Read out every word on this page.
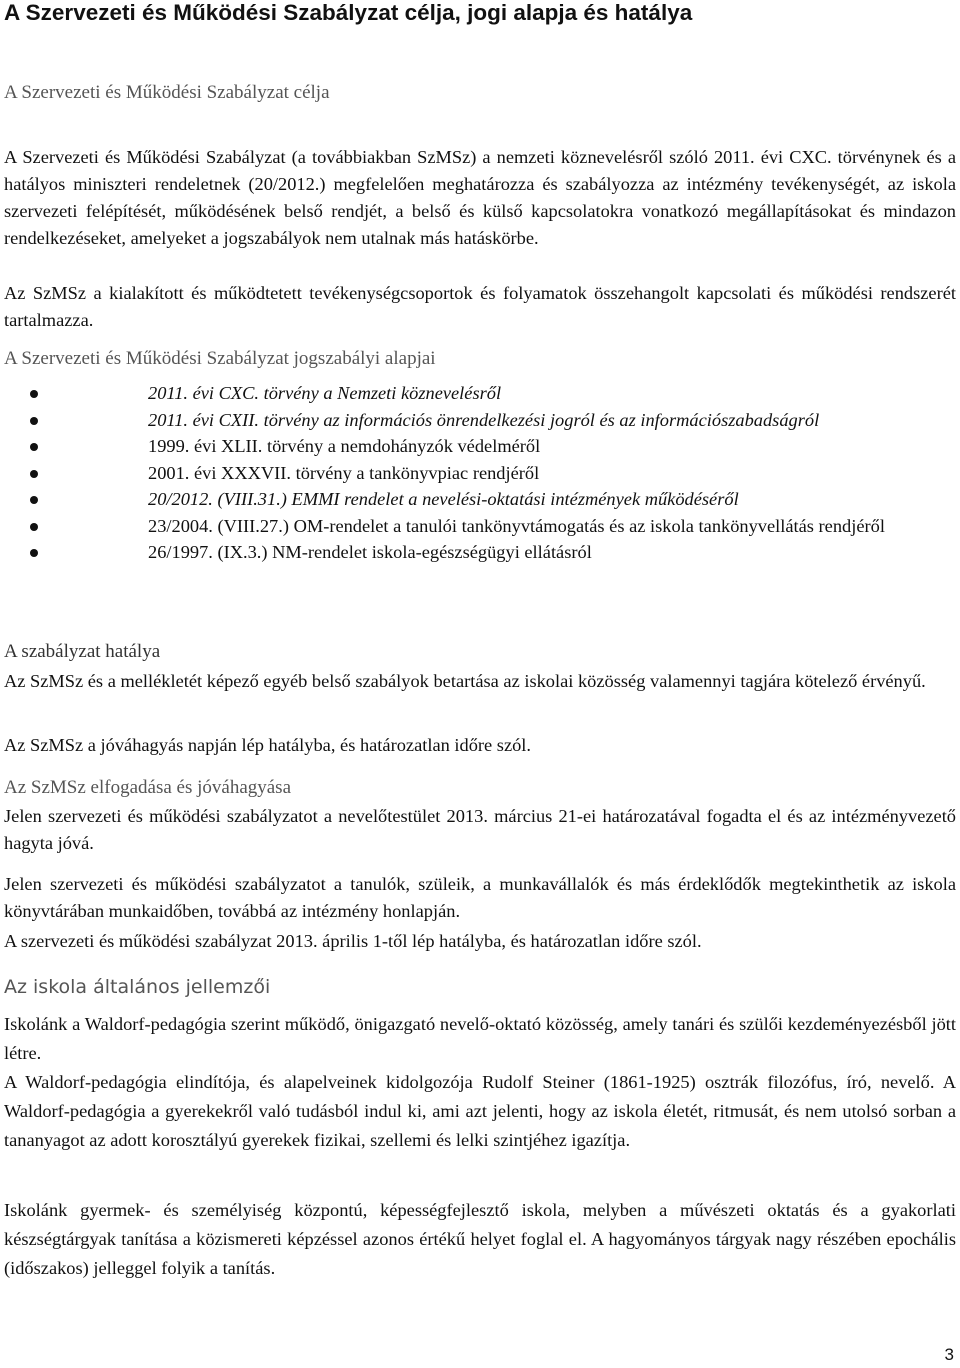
A Szervezeti és Működési Szabályzat célja, jogi alapja és hatálya
A Szervezeti és Működési Szabályzat célja

A Szervezeti és Működési Szabályzat (a továbbiakban SzMSz) a nemzeti köznevelésről szóló 2011. évi CXC. törvénynek és a hatályos miniszteri rendeletnek (20/2012.) megfelelően meghatározza és szabályozza az intézmény tevékenységét, az iskola szervezeti felépítését, működésének belső rendjét, a belső és külső kapcsolatokra vonatkozó megállapításokat és mindazon rendelkezéseket, amelyeket a jogszabályok nem utalnak más hatáskörbe.

Az SzMSz a kialakított és működtetett tevékenységcsoportok és folyamatok összehangolt kapcsolati és működési rendszerét tartalmazza.

A Szervezeti és Működési Szabályzat jogszabályi alapjai
2011. évi CXC. törvény a Nemzeti köznevelésről
2011. évi CXII. törvény az információs önrendelkezési jogról és az információszabadságról
1999. évi XLII. törvény a nemdohányzók védelméről
2001. évi XXXVII. törvény a tankönyvpiac rendjéről
20/2012. (VIII.31.) EMMI rendelet a nevelési-oktatási intézmények működéséről
23/2004. (VIII.27.) OM-rendelet a tanulói tankönyvtámogatás és az iskola tankönyvellátás rendjéről
26/1997. (IX.3.) NM-rendelet iskola-egészségügyi ellátásról
A szabályzat hatálya

Az SzMSz és a mellékletét képező egyéb belső szabályok betartása az iskolai közösség valamennyi tagjára kötelező érvényű.

Az SzMSz a jóváhagyás napján lép hatályba, és határozatlan időre szól.

Az SzMSz elfogadása és jóváhagyása

Jelen szervezeti és működési szabályzatot a nevelőtestület 2013. március 21-ei határozatával fogadta el és az intézményvezető hagyta jóvá.

Jelen szervezeti és működési szabályzatot a tanulók, szüleik, a munkavállalók és más érdeklődők megtekinthetik az iskola könyvtárában munkaidőben, továbbá az intézmény honlapján.

A szervezeti és működési szabályzat 2013. április 1-től lép hatályba, és határozatlan időre szól.

Az iskola általános jellemzői

Iskolánk a Waldorf-pedagógia szerint működő, önigazgató nevelő-oktató közösség, amely tanári és szülői kezdeményezésből jött létre.

A Waldorf-pedagógia elindítója, és alapelveinek kidolgozója Rudolf Steiner (1861-1925) osztrák filozófus, író, nevelő. A Waldorf-pedagógia a gyerekekről való tudásból indul ki, ami azt jelenti, hogy az iskola életét, ritmusát, és nem utolsó sorban a tananyagot az adott korosztályú gyerekek fizikai, szellemi és lelki szintjéhez igazítja.

Iskolánk gyermek- és személyiség központú, képességfejlesztő iskola, melyben a művészeti oktatás és a gyakorlati készségtárgyak tanítása a közismereti képzéssel azonos értékű helyet foglal el. A hagyományos tárgyak nagy részében epochális (időszakos) jelleggel folyik a tanítás.

3
